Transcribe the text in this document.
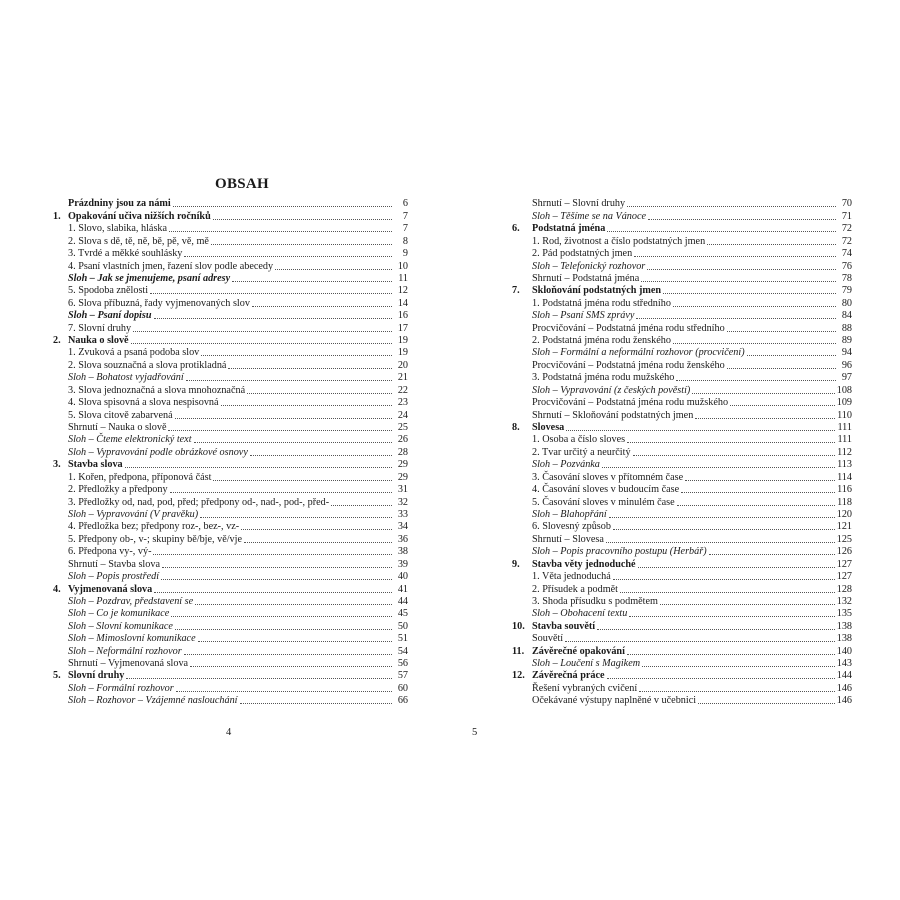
OBSAH
Prázdniny jsou za námi	6
1. Opakování učiva nižších ročníků	7
1. Slovo, slabika, hláska	7
2. Slova s dě, tě, ně, bě, pě, vě, mě	8
3. Tvrdé a měkké souhlásky	9
4. Psaní vlastních jmen, řazení slov podle abecedy	10
Sloh – Jak se jmenujeme, psaní adresy	11
5. Spodoba znělosti	12
6. Slova příbuzná, řady vyjmenovaných slov	14
Sloh – Psaní dopisu	16
7. Slovní druhy	17
2. Nauka o slově	19
1. Zvuková a psaná podoba slov	19
2. Slova souznačná a slova protikladná	20
Sloh – Bohatost vyjadřování	21
3. Slova jednoznačná a slova mnohoznačná	22
4. Slova spisovná a slova nespisovná	23
5. Slova citově zabarvená	24
Shrnutí – Nauka o slově	25
Sloh – Čteme elektronický text	26
Sloh – Vypravování podle obrázkové osnovy	28
3. Stavba slova	29
1. Kořen, předpona, příponová část	29
2. Předložky a předpony	31
3. Předložky od, nad, pod, před; předpony od-, nad-, pod-, před-	32
Sloh – Vypravování (V pravěku)	33
4. Předložka bez; předpony roz-, bez-, vz-	34
5. Předpony ob-, v-; skupiny bě/bje, vě/vje	36
6. Předpona vy-, vý-	38
Shrnutí – Stavba slova	39
Sloh – Popis prostředí	40
4. Vyjmenovaná slova	41
Sloh – Pozdrav, představení se	44
Sloh – Co je komunikace	45
Sloh – Slovní komunikace	50
Sloh – Mimoslovní komunikace	51
Sloh – Neformální rozhovor	54
Shrnutí – Vyjmenovaná slova	56
5. Slovní druhy	57
Sloh – Formální rozhovor	60
Sloh – Rozhovor – Vzájemné naslouchání	66
4
Shrnutí – Slovní druhy	70
Sloh – Těšíme se na Vánoce	71
6.	Podstatná jména	72
1. Rod, životnost a číslo podstatných jmen	72
2. Pád podstatných jmen	74
Sloh – Telefonický rozhovor	76
Shrnutí – Podstatná jména	78
7.	Skloňování podstatných jmen	79
1. Podstatná jména rodu středního	80
Sloh – Psaní SMS zprávy	84
Procvičování – Podstatná jména rodu středního	88
2. Podstatná jména rodu ženského	89
Sloh – Formální a neformální rozhovor (procvičení)	94
Procvičování – Podstatná jména rodu ženského	96
3. Podstatná jména rodu mužského	97
Sloh – Vypravování (z českých pověstí)	108
Procvičování – Podstatná jména rodu mužského	109
Shrnutí – Skloňování podstatných jmen	110
8.	Slovesa	111
1. Osoba a číslo sloves	111
2. Tvar určitý a neurčitý	112
Sloh – Pozvánka	113
3. Časování sloves v přítomném čase	114
4. Časování sloves v budoucím čase	116
5. Časování sloves v minulém čase	118
Sloh – Blahopřání	120
6. Slovesný způsob	121
Shrnutí – Slovesa	125
Sloh – Popis pracovního postupu (Herbář)	126
9.	Stavba věty jednoduché	127
1. Věta jednoduchá	127
2. Přísudek a podmět	128
3. Shoda přísudku s podmětem	132
Sloh – Obohacení textu	135
10. Stavba souvětí	138
Souvětí	138
11. Závěrečné opakování	140
Sloh – Loučení s Magikem	143
12. Závěrečná práce	144
Řešení vybraných cvičení	146
Očekávané výstupy naplněné v učebnici	146
5
